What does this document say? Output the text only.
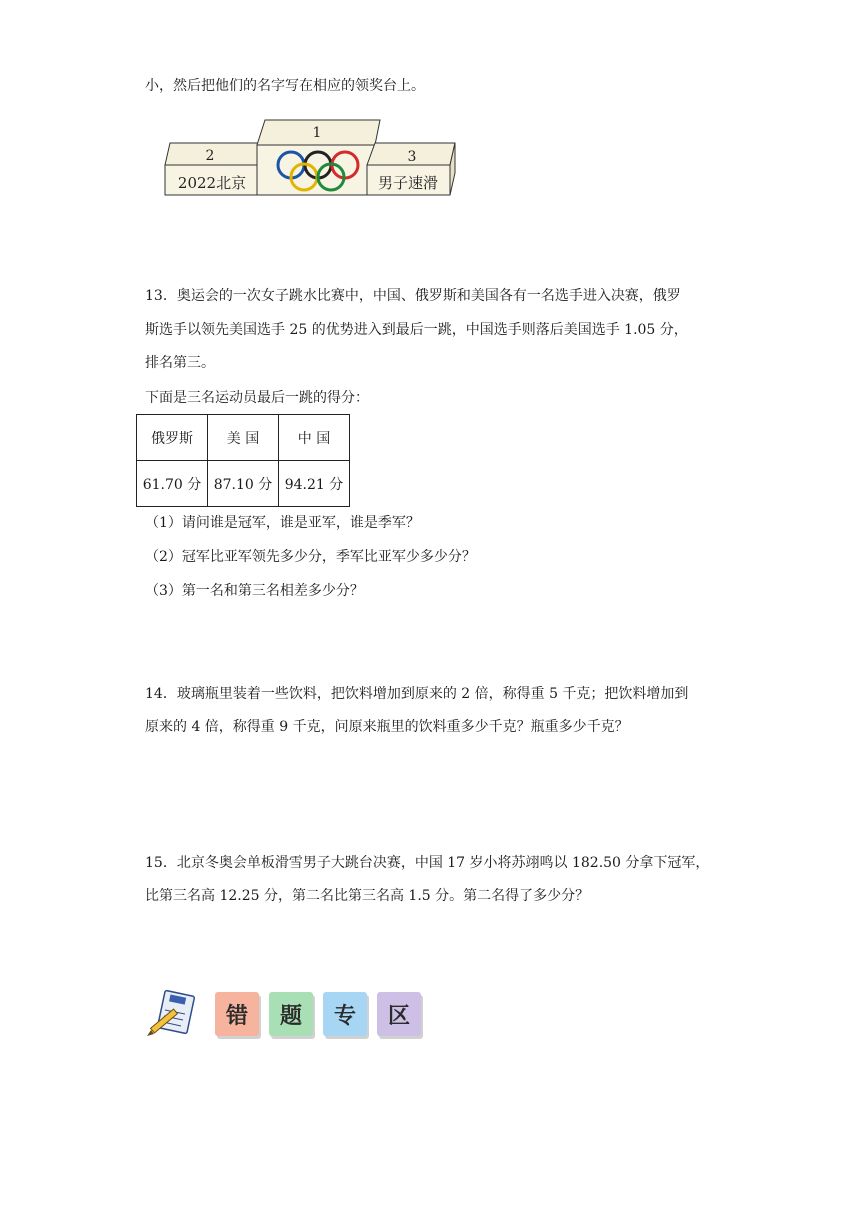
小，然后把他们的名字写在相应的领奖台上。
1
2	3
2022北京	男子速滑
13．奥运会的一次女子跳水比赛中，中国、俄罗斯和美国各有一名选手进入决赛，俄罗
斯选手以领先美国选手 25 的优势进入到最后一跳，中国选手则落后美国选手 1.05 分，
排名第三。
下面是三名运动员最后一跳的得分：
俄罗斯	美 国	中 国
61.70 分	87.10 分	94.21 分
（1）请问谁是冠军，谁是亚军，谁是季军？
（2）冠军比亚军领先多少分，季军比亚军少多少分？
（3）第一名和第三名相差多少分？
14．玻璃瓶里装着一些饮料，把饮料增加到原来的 2 倍，称得重 5 千克；把饮料增加到
原来的 4 倍，称得重 9 千克，问原来瓶里的饮料重多少千克？瓶重多少千克？
15．北京冬奥会单板滑雪男子大跳台决赛，中国 17 岁小将苏翊鸣以 182.50 分拿下冠军，
比第三名高 12.25 分，第二名比第三名高 1.5 分。第二名得了多少分？
错	题	专	区
